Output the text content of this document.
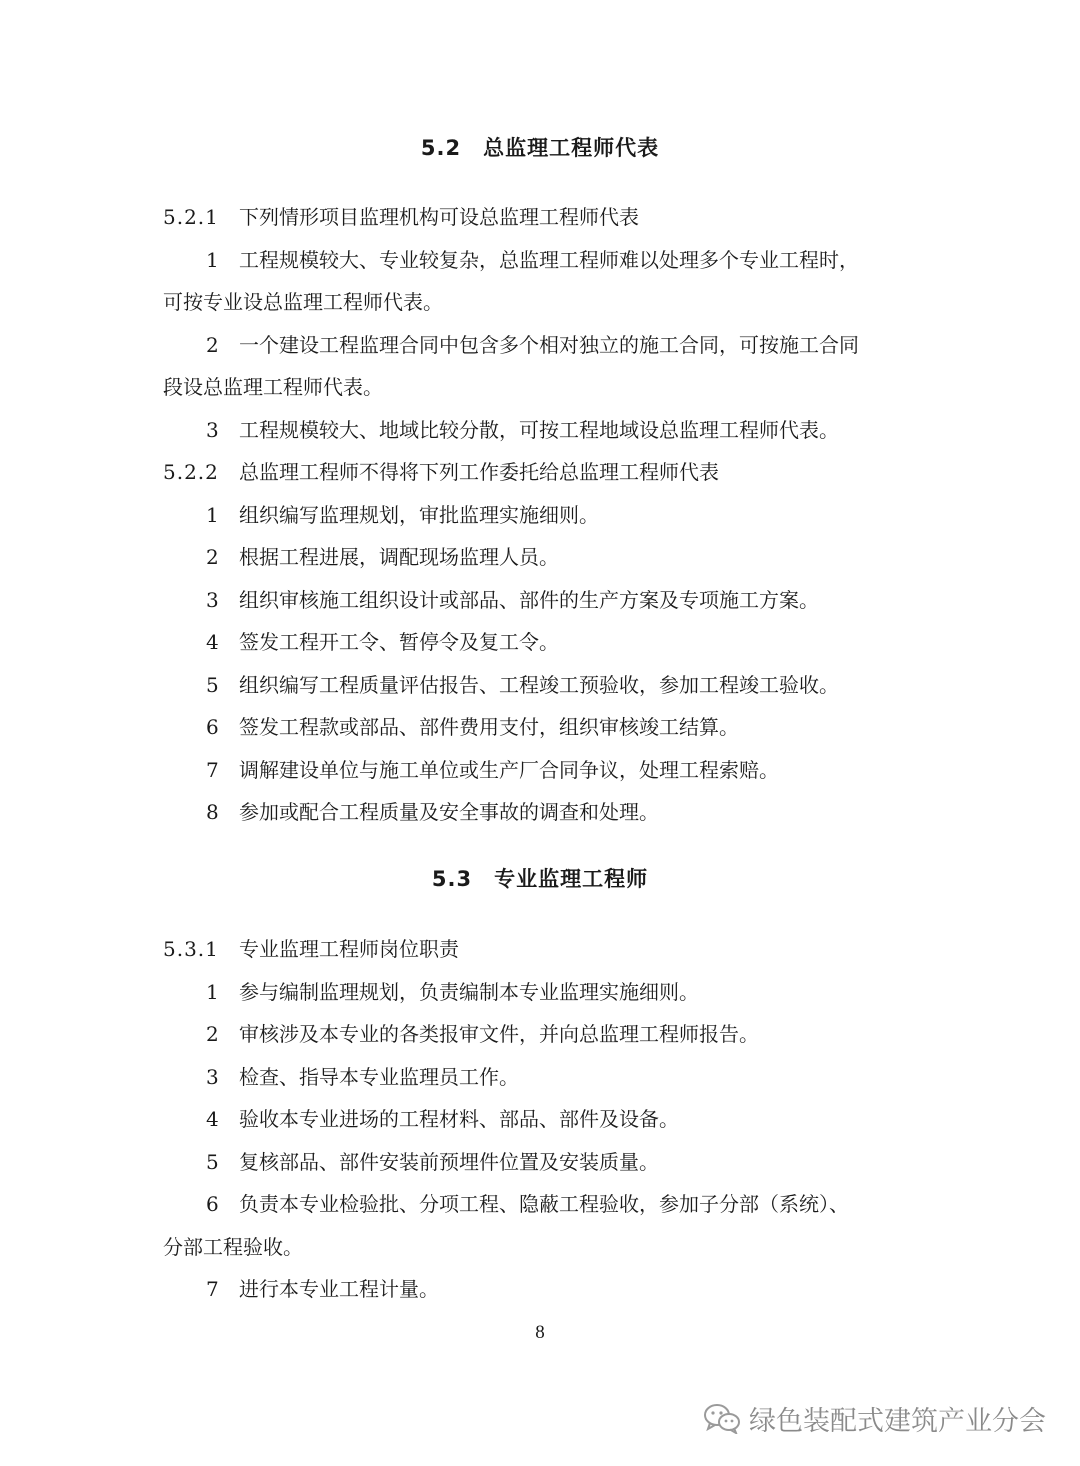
5.2 总监理工程师代表
5.2.1 下列情形项目监理机构可设总监理工程师代表
1 工程规模较大、专业较复杂，总监理工程师难以处理多个专业工程时，
可按专业设总监理工程师代表。
2 一个建设工程监理合同中包含多个相对独立的施工合同，可按施工合同
段设总监理工程师代表。
3 工程规模较大、地域比较分散，可按工程地域设总监理工程师代表。
5.2.2 总监理工程师不得将下列工作委托给总监理工程师代表
1 组织编写监理规划，审批监理实施细则。
2 根据工程进展，调配现场监理人员。
3 组织审核施工组织设计或部品、部件的生产方案及专项施工方案。
4 签发工程开工令、暂停令及复工令。
5 组织编写工程质量评估报告、工程竣工预验收，参加工程竣工验收。
6 签发工程款或部品、部件费用支付，组织审核竣工结算。
7 调解建设单位与施工单位或生产厂合同争议，处理工程索赔。
8 参加或配合工程质量及安全事故的调查和处理。
5.3 专业监理工程师
5.3.1 专业监理工程师岗位职责
1 参与编制监理规划，负责编制本专业监理实施细则。
2 审核涉及本专业的各类报审文件，并向总监理工程师报告。
3 检查、指导本专业监理员工作。
4 验收本专业进场的工程材料、部品、部件及设备。
5 复核部品、部件安装前预埋件位置及安装质量。
6 负责本专业检验批、分项工程、隐蔽工程验收，参加子分部（系统）、
分部工程验收。
7 进行本专业工程计量。
8
绿色装配式建筑产业分会
